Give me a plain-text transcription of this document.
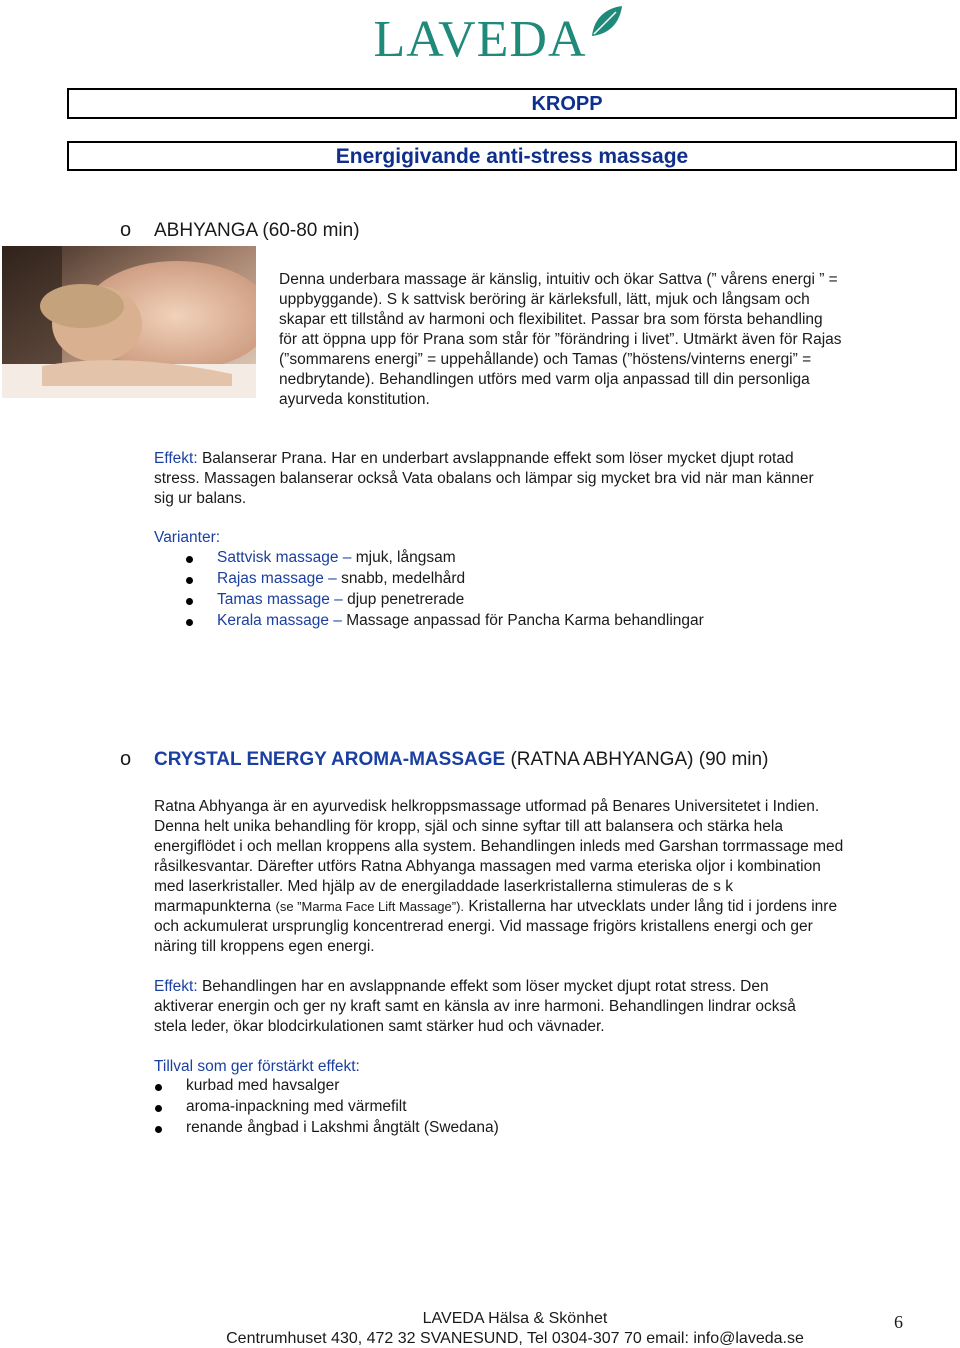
LAVEDA
KROPP
Energigivande anti-stress massage
o ABHYANGA (60-80 min)
Denna underbara massage är känslig, intuitiv och ökar Sattva (” vårens energi ” =
uppbyggande). S k sattvisk beröring är kärleksfull, lätt, mjuk och långsam och
skapar ett tillstånd av harmoni och flexibilitet. Passar bra som första behandling
för att öppna upp för Prana som står för ”förändring i livet”. Utmärkt även för Rajas
(”sommarens energi” = uppehållande) och Tamas (”höstens/vinterns energi” =
nedbrytande). Behandlingen utförs med varm olja anpassad till din personliga
ayurveda konstitution.
Effekt: Balanserar Prana. Har en underbart avslappnande effekt som löser mycket djupt rotad
stress. Massagen balanserar också Vata obalans och lämpar sig mycket bra vid när man känner
sig ur balans.
Varianter:
Sattvisk massage – mjuk, långsam
Rajas massage – snabb, medelhård
Tamas massage – djup penetrerade
Kerala massage – Massage anpassad för Pancha Karma behandlingar
o CRYSTAL ENERGY AROMA-MASSAGE (RATNA ABHYANGA) (90 min)
Ratna Abhyanga är en ayurvedisk helkroppsmassage utformad på Benares Universitetet i Indien.
Denna helt unika behandling för kropp, själ och sinne syftar till att balansera och stärka hela
energiflödet i och mellan kroppens alla system. Behandlingen inleds med Garshan torrmassage med
råsilkesvantar. Därefter utförs Ratna Abhyanga massagen med varma eteriska oljor i kombination
med laserkristaller. Med hjälp av de energiladdade laserkristallerna stimuleras de s k
marmapunkterna (se ”Marma Face Lift Massage”). Kristallerna har utvecklats under lång tid i jordens inre
och ackumulerat ursprunglig koncentrerad energi. Vid massage frigörs kristallens energi och ger
näring till kroppens egen energi.
Effekt: Behandlingen har en avslappnande effekt som löser mycket djupt rotat stress. Den
aktiverar energin och ger ny kraft samt en känsla av inre harmoni. Behandlingen lindrar också
stela leder, ökar blodcirkulationen samt stärker hud och vävnader.
Tillval som ger förstärkt effekt:
kurbad med havsalger
aroma-inpackning med värmefilt
renande ångbad i Lakshmi ångtält (Swedana)
LAVEDA Hälsa & Skönhet
Centrumhuset 430, 472 32 SVANESUND, Tel 0304-307 70 email: info@laveda.se
6
